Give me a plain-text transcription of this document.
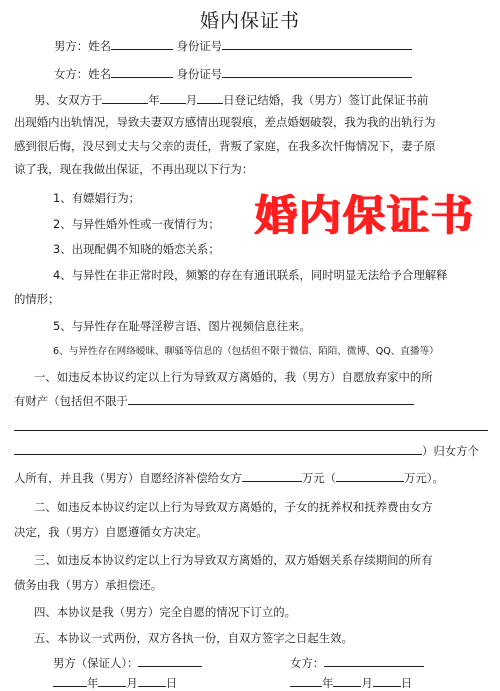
婚内保证书
男方：姓名	身份证号
女方：姓名	身份证号
男、女双方于	年 月 日登记结婚，我（男方）签订此保证书前
出现婚内出轨情况，导致夫妻双方感情出现裂痕，差点婚姻破裂，我为我的出轨行为
感到很后悔，没尽到丈夫与父亲的责任，背叛了家庭，在我多次忏悔情况下，妻子原
谅了我，现在我做出保证，不再出现以下行为：
1、有嫖娼行为；
2、与异性婚外性或一夜情行为；
3、出现配偶不知晓的婚恋关系；
4、与异性在非正常时段，频繁的存在有通讯联系，同时明显无法给予合理解释
的情形；
5、与异性存在耻辱淫秽言语、图片视频信息往来。
6、与异性存在网络暧昧、聊骚等信息的（包括但不限于微信、陌陌、微博、QQ、直播等）
一、如违反本协议约定以上行为导致双方离婚的，我（男方）自愿放弃家中的所
有财产（包括但不限于
）归女方个
人所有，并且我（男方）自愿经济补偿给女方	万元（	万元）。
二、如违反本协议约定以上行为导致双方离婚的，子女的抚养权和抚养费由女方
决定，我（男方）自愿遵循女方决定。
三、如违反本协议约定以上行为导致双方离婚的，双方婚姻关系存续期间的所有
债务由我（男方）承担偿还。
四、本协议是我（男方）完全自愿的情况下订立的。
五、本协议一式两份，双方各执一份，自双方签字之日起生效。
男方（保证人）：	女方：
年 月 日	年 月 日
婚内保证书
